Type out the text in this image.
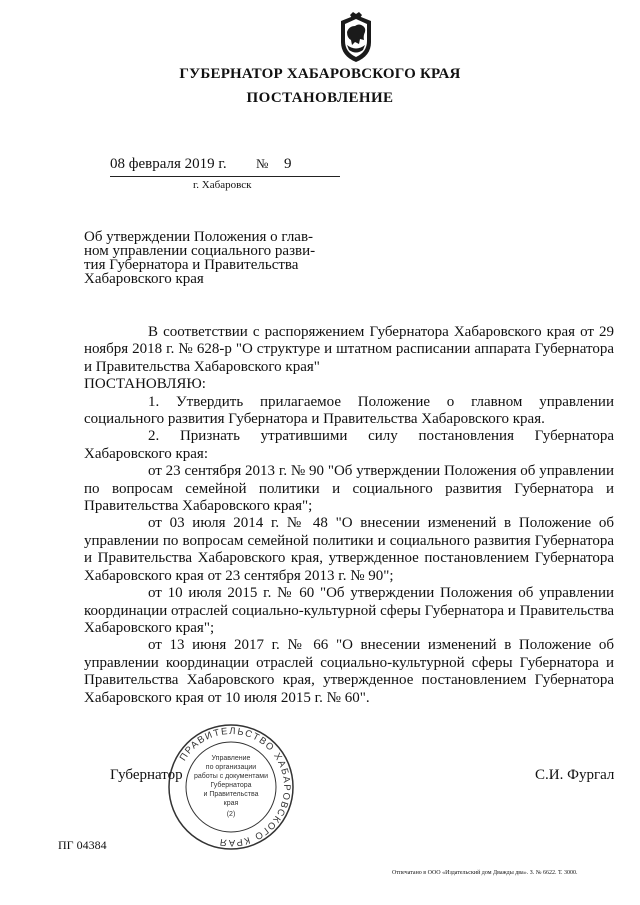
ГУБЕРНАТОР ХАБАРОВСКОГО КРАЯ
ПОСТАНОВЛЕНИЕ
08 февраля 2019 г. № 9
г. Хабаровск
Об утверждении Положения о глав-
ном управлении социального разви-
тия Губернатора и Правительства
Хабаровского края

В соответствии с распоряжением Губернатора Хабаровского края от 29 ноября 2018 г. № 628-р "О структуре и штатном расписании аппарата Губернатора и Правительства Хабаровского края"

ПОСТАНОВЛЯЮ:

1. Утвердить прилагаемое Положение о главном управлении социального развития Губернатора и Правительства Хабаровского края.

2. Признать утратившими силу постановления Губернатора Хабаровского края:

от 23 сентября 2013 г. № 90 "Об утверждении Положения об управлении по вопросам семейной политики и социального развития Губернатора и Правительства Хабаровского края";

от 03 июля 2014 г. № 48 "О внесении изменений в Положение об управлении по вопросам семейной политики и социального развития Губернатора и Правительства Хабаровского края, утвержденное постановлением Губернатора Хабаровского края от 23 сентября 2013 г. № 90";

от 10 июля 2015 г. № 60 "Об утверждении Положения об управлении координации отраслей социально-культурной сферы Губернатора и Правительства Хабаровского края";

от 13 июня 2017 г. № 66 "О внесении изменений в Положение об управлении координации отраслей социально-культурной сферы Губернатора и Правительства Хабаровского края, утвержденное постановлением Губернатора Хабаровского края от 10 июля 2015 г. № 60".

ПРАВИТЕЛЬСТВО ХАБАРОВСКОГО КРАЯ
Управление
по организации
работы с документами
Губернатора
и Правительства
края
(2)
Губернатор	С.И. Фургал
ПГ 04384
Отпечатано в ООО «Издательский дом Дважды два». З. № 6622. Т. 3000.
